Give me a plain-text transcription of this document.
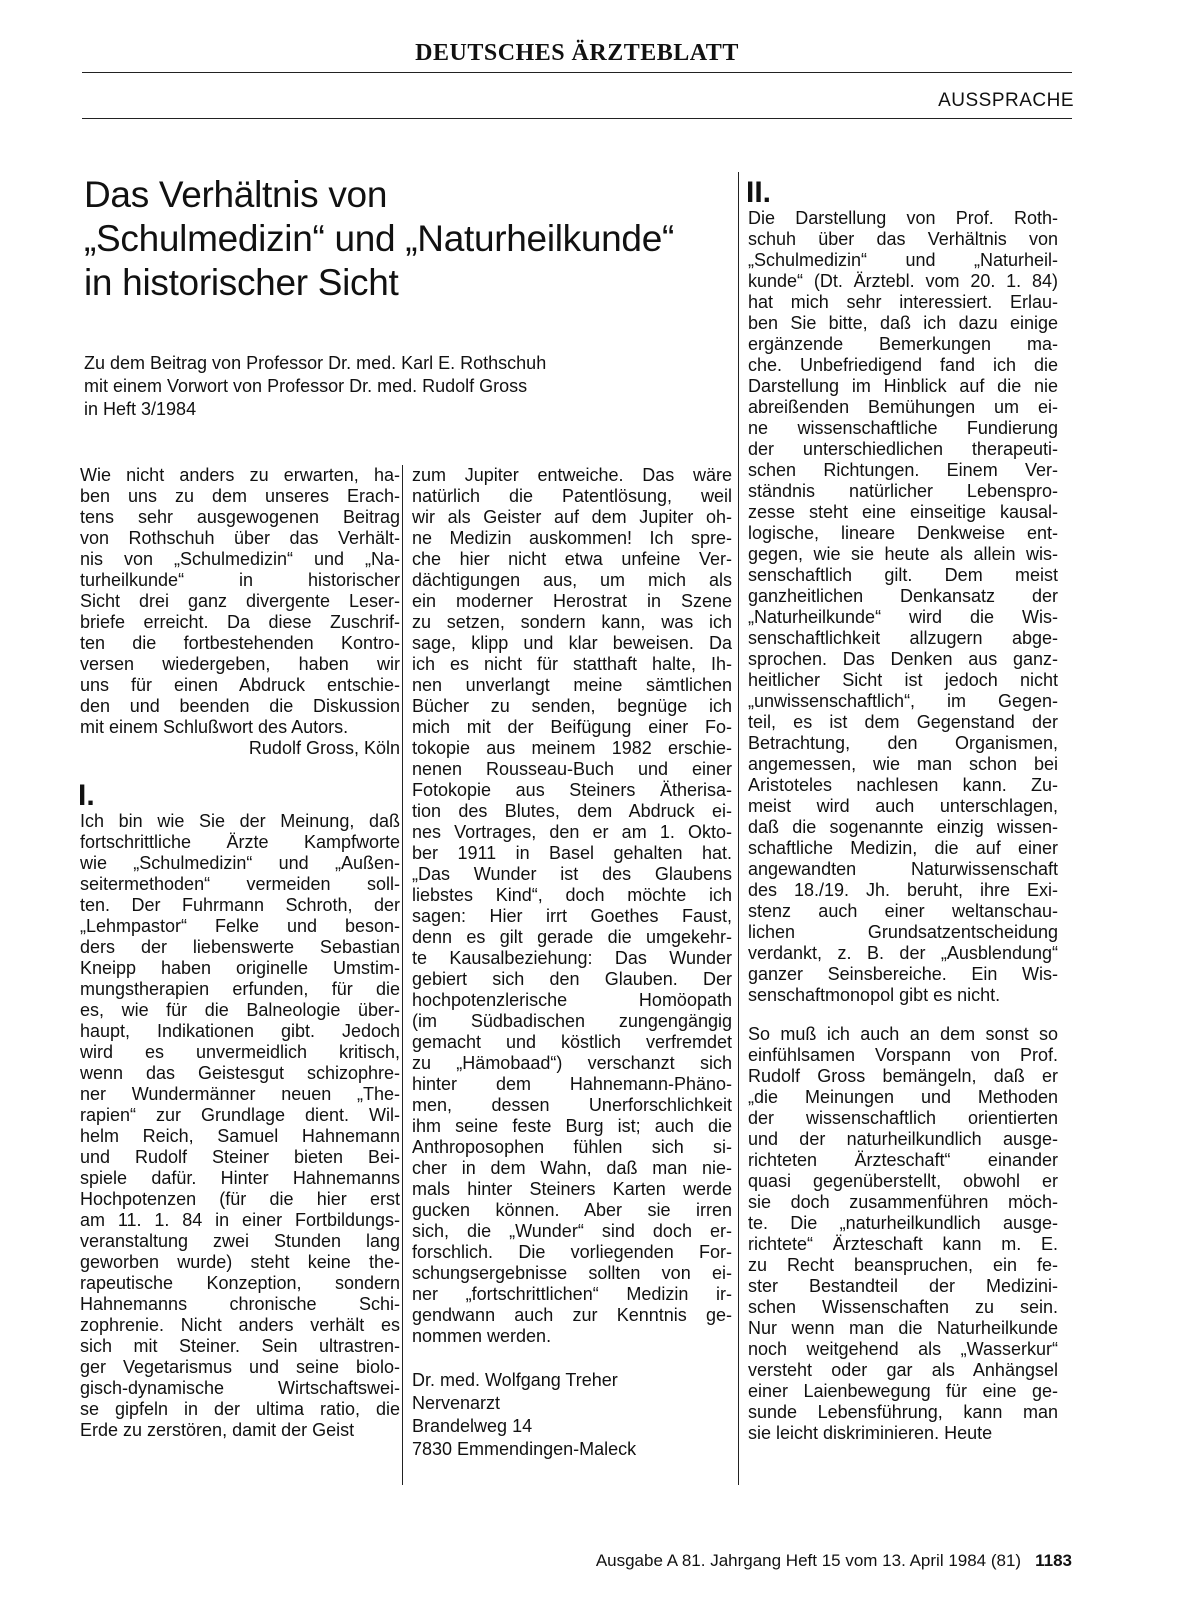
DEUTSCHES ÄRZTEBLATT
AUSSPRACHE
Das Verhältnis von
„Schulmedizin“ und „Naturheilkunde“
in historischer Sicht
Zu dem Beitrag von Professor Dr. med. Karl E. Rothschuh
mit einem Vorwort von Professor Dr. med. Rudolf Gross
in Heft 3/1984
Wie nicht anders zu erwarten, ha-
ben uns zu dem unseres Erach-
tens sehr ausgewogenen Beitrag
von Rothschuh über das Verhält-
nis von „Schulmedizin“ und „Na-
turheilkunde“ in historischer
Sicht drei ganz divergente Leser-
briefe erreicht. Da diese Zuschrif-
ten die fortbestehenden Kontro-
versen wiedergeben, haben wir
uns für einen Abdruck entschie-
den und beenden die Diskussion
mit einem Schlußwort des Autors.
Rudolf Gross, Köln
I.
Ich bin wie Sie der Meinung, daß
fortschrittliche Ärzte Kampfworte
wie „Schulmedizin“ und „Außen-
seitermethoden“ vermeiden soll-
ten. Der Fuhrmann Schroth, der
„Lehmpastor“ Felke und beson-
ders der liebenswerte Sebastian
Kneipp haben originelle Umstim-
mungstherapien erfunden, für die
es, wie für die Balneologie über-
haupt, Indikationen gibt. Jedoch
wird es unvermeidlich kritisch,
wenn das Geistesgut schizophre-
ner Wundermänner neuen „The-
rapien“ zur Grundlage dient. Wil-
helm Reich, Samuel Hahnemann
und Rudolf Steiner bieten Bei-
spiele dafür. Hinter Hahnemanns
Hochpotenzen (für die hier erst
am 11. 1. 84 in einer Fortbildungs-
veranstaltung zwei Stunden lang
geworben wurde) steht keine the-
rapeutische Konzeption, sondern
Hahnemanns chronische Schi-
zophrenie. Nicht anders verhält es
sich mit Steiner. Sein ultrastren-
ger Vegetarismus und seine biolo-
gisch-dynamische Wirtschaftswei-
se gipfeln in der ultima ratio, die
Erde zu zerstören, damit der Geist
zum Jupiter entweiche. Das wäre
natürlich die Patentlösung, weil
wir als Geister auf dem Jupiter oh-
ne Medizin auskommen! Ich spre-
che hier nicht etwa unfeine Ver-
dächtigungen aus, um mich als
ein moderner Herostrat in Szene
zu setzen, sondern kann, was ich
sage, klipp und klar beweisen. Da
ich es nicht für statthaft halte, Ih-
nen unverlangt meine sämtlichen
Bücher zu senden, begnüge ich
mich mit der Beifügung einer Fo-
tokopie aus meinem 1982 erschie-
nenen Rousseau-Buch und einer
Fotokopie aus Steiners Ätherisa-
tion des Blutes, dem Abdruck ei-
nes Vortrages, den er am 1. Okto-
ber 1911 in Basel gehalten hat.
„Das Wunder ist des Glaubens
liebstes Kind“, doch möchte ich
sagen: Hier irrt Goethes Faust,
denn es gilt gerade die umgekehr-
te Kausalbeziehung: Das Wunder
gebiert sich den Glauben. Der
hochpotenzlerische Homöopath
(im Südbadischen zungengängig
gemacht und köstlich verfremdet
zu „Hämobaad“) verschanzt sich
hinter dem Hahnemann-Phäno-
men, dessen Unerforschlichkeit
ihm seine feste Burg ist; auch die
Anthroposophen fühlen sich si-
cher in dem Wahn, daß man nie-
mals hinter Steiners Karten werde
gucken können. Aber sie irren
sich, die „Wunder“ sind doch er-
forschlich. Die vorliegenden For-
schungsergebnisse sollten von ei-
ner „fortschrittlichen“ Medizin ir-
gendwann auch zur Kenntnis ge-
nommen werden.
Dr. med. Wolfgang Treher
Nervenarzt
Brandelweg 14
7830 Emmendingen-Maleck
II.
Die Darstellung von Prof. Roth-
schuh über das Verhältnis von
„Schulmedizin“ und „Naturheil-
kunde“ (Dt. Ärztebl. vom 20. 1. 84)
hat mich sehr interessiert. Erlau-
ben Sie bitte, daß ich dazu einige
ergänzende Bemerkungen ma-
che. Unbefriedigend fand ich die
Darstellung im Hinblick auf die nie
abreißenden Bemühungen um ei-
ne wissenschaftliche Fundierung
der unterschiedlichen therapeuti-
schen Richtungen. Einem Ver-
ständnis natürlicher Lebenspro-
zesse steht eine einseitige kausal-
logische, lineare Denkweise ent-
gegen, wie sie heute als allein wis-
senschaftlich gilt. Dem meist
ganzheitlichen Denkansatz der
„Naturheilkunde“ wird die Wis-
senschaftlichkeit allzugern abge-
sprochen. Das Denken aus ganz-
heitlicher Sicht ist jedoch nicht
„unwissenschaftlich“, im Gegen-
teil, es ist dem Gegenstand der
Betrachtung, den Organismen,
angemessen, wie man schon bei
Aristoteles nachlesen kann. Zu-
meist wird auch unterschlagen,
daß die sogenannte einzig wissen-
schaftliche Medizin, die auf einer
angewandten Naturwissenschaft
des 18./19. Jh. beruht, ihre Exi-
stenz auch einer weltanschau-
lichen Grundsatzentscheidung
verdankt, z. B. der „Ausblendung“
ganzer Seinsbereiche. Ein Wis-
senschaftmonopol gibt es nicht.
So muß ich auch an dem sonst so
einfühlsamen Vorspann von Prof.
Rudolf Gross bemängeln, daß er
„die Meinungen und Methoden
der wissenschaftlich orientierten
und der naturheilkundlich ausge-
richteten Ärzteschaft“ einander
quasi gegenüberstellt, obwohl er
sie doch zusammenführen möch-
te. Die „naturheilkundlich ausge-
richtete“ Ärzteschaft kann m. E.
zu Recht beanspruchen, ein fe-
ster Bestandteil der Medizini-
schen Wissenschaften zu sein.
Nur wenn man die Naturheilkunde
noch weitgehend als „Wasserkur“
versteht oder gar als Anhängsel
einer Laienbewegung für eine ge-
sunde Lebensführung, kann man
sie leicht diskriminieren. Heute
Ausgabe A 81. Jahrgang Heft 15 vom 13. April 1984 (81) 1183
